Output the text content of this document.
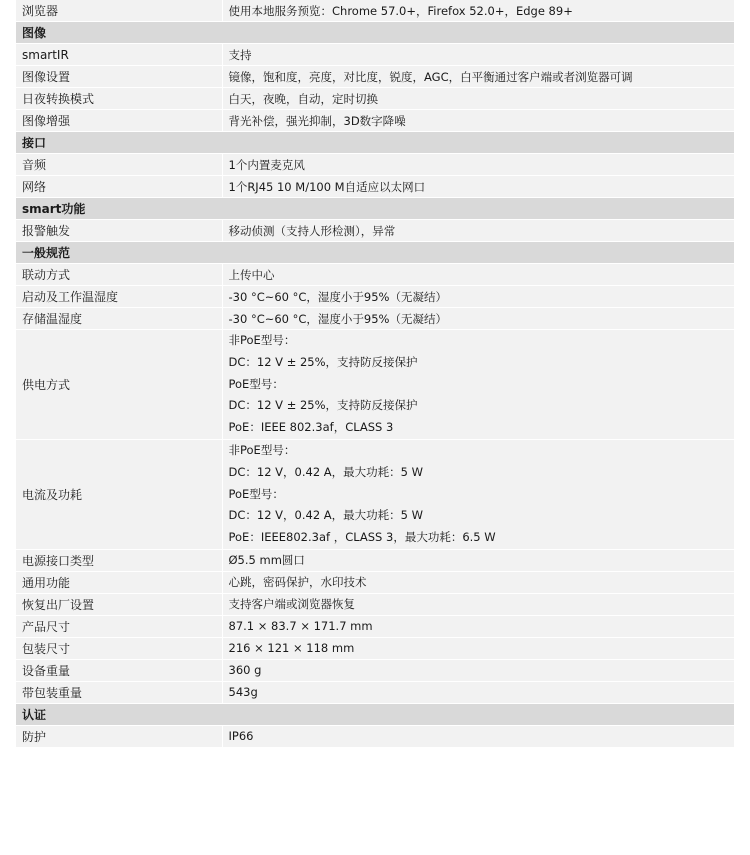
浏览器	使用本地服务预览：Chrome 57.0+，Firefox 52.0+，Edge 89+
图像	
smartIR	支持
图像设置	镜像，饱和度，亮度，对比度，锐度，AGC，白平衡通过客户端或者浏览器可调
日夜转换模式	白天，夜晚，自动，定时切换
图像增强	背光补偿，强光抑制，3D数字降噪
接口	
音频	1个内置麦克风
网络	1个RJ45 10 M/100 M自适应以太网口
smart功能	
报警触发	移动侦测（支持人形检测），异常
一般规范	
联动方式	上传中心
启动及工作温湿度	-30 °C~60 °C，湿度小于95%（无凝结）
存储温湿度	-30 °C~60 °C，湿度小于95%（无凝结）
供电方式	非PoE型号：
DC：12 V ± 25%，支持防反接保护
PoE型号：
DC：12 V ± 25%，支持防反接保护
PoE：IEEE 802.3af，CLASS 3

电流及功耗	非PoE型号：
DC：12 V，0.42 A，最大功耗：5 W
PoE型号：
DC：12 V，0.42 A，最大功耗：5 W
PoE：IEEE802.3af ，CLASS 3，最大功耗：6.5 W

电源接口类型	Ø5.5 mm圆口
通用功能	心跳，密码保护，水印技术
恢复出厂设置	支持客户端或浏览器恢复
产品尺寸	87.1 × 83.7 × 171.7 mm
包装尺寸	216 × 121 × 118 mm
设备重量	360 g
带包装重量	543g
认证	
防护	IP66
